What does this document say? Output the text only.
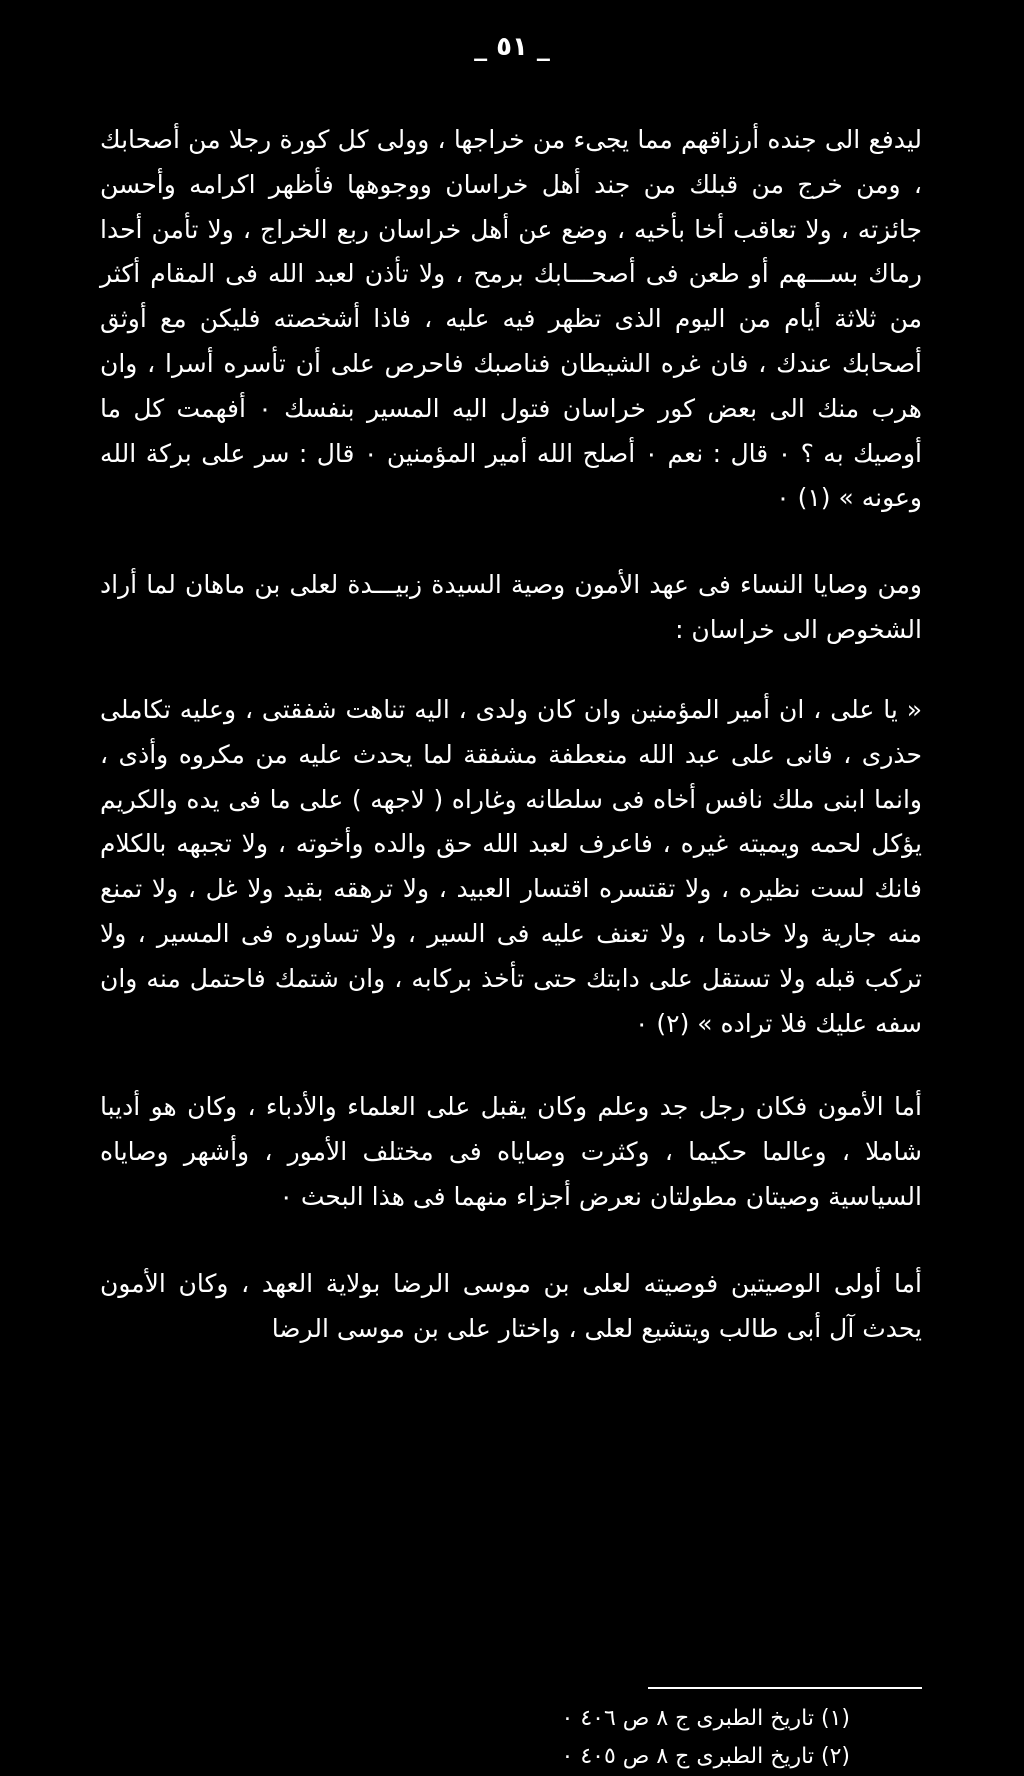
_ ٥١ _

ليدفع الى جنده أرزاقهم مما يجىء من خراجها ، وولى كل كورة رجلا من أصحابك ، ومن خرج من قبلك من جند أهل خراسان ووجوهها فأظهر اكرامه وأحسن جائزته ، ولا تعاقب أخا بأخيه ، وضع عن أهل خراسان ربع الخراج ، ولا تأمن أحدا رماك بســـهم أو طعن فى أصحـــابك برمح ، ولا تأذن لعبد الله فى المقام أكثر من ثلاثة أيام من اليوم الذى تظهر فيه عليه ، فاذا أشخصته فليكن مع أوثق أصحابك عندك ، فان غره الشيطان فناصبك فاحرص على أن تأسره أسرا ، وان هرب منك الى بعض كور خراسان فتول اليه المسير بنفسك ٠ أفهمت كل ما أوصيك به ؟ ٠ قال : نعم ٠ أصلح الله أمير المؤمنين ٠ قال : سر على بركة الله وعونه » (١) ٠

ومن وصايا النساء فى عهد الأمون وصية السيدة زبيـــدة لعلى بن ماهان لما أراد الشخوص الى خراسان :

« يا على ، ان أمير المؤمنين وان كان ولدى ، اليه تناهت شفقتى ، وعليه تكاملى حذرى ، فانى على عبد الله منعطفة مشفقة لما يحدث عليه من مكروه وأذى ، وانما ابنى ملك نافس أخاه فى سلطانه وغاراه ( لاجهه ) على ما فى يده والكريم يؤكل لحمه ويميته غيره ، فاعرف لعبد الله حق والده وأخوته ، ولا تجبهه بالكلام فانك لست نظيره ، ولا تقتسره اقتسار العبيد ، ولا ترهقه بقيد ولا غل ، ولا تمنع منه جارية ولا خادما ، ولا تعنف عليه فى السير ، ولا تساوره فى المسير ، ولا تركب قبله ولا تستقل على دابتك حتى تأخذ بركابه ، وان شتمك فاحتمل منه وان سفه عليك فلا تراده » (٢) ٠

أما الأمون فكان رجل جد وعلم وكان يقبل على العلماء والأدباء ، وكان هو أديبا شاملا ، وعالما حكيما ، وكثرت وصاياه فى مختلف الأمور ، وأشهر وصاياه السياسية وصيتان مطولتان نعرض أجزاء منهما فى هذا البحث ٠

أما أولى الوصيتين فوصيته لعلى بن موسى الرضا بولاية العهد ، وكان الأمون يحدث آل أبى طالب ويتشيع لعلى ، واختار على بن موسى الرضا

(١) تاريخ الطبرى ج ٨ ص ٤٠٦ ٠

(٢) تاريخ الطبرى ج ٨ ص ٤٠٥ ٠
